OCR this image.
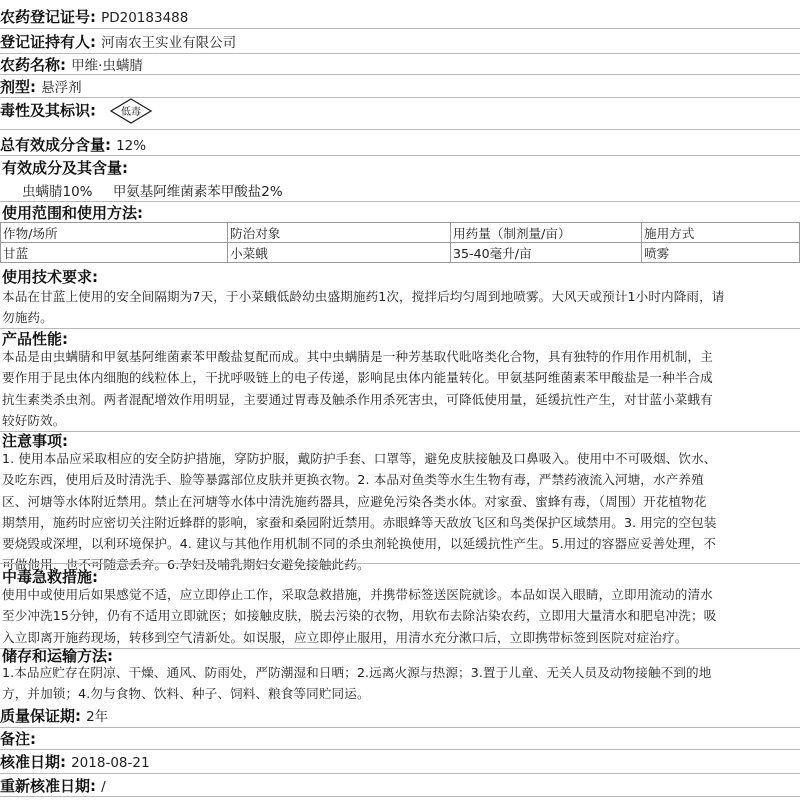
农药登记证号: PD20183488
登记证持有人: 河南农王实业有限公司
农药名称: 甲维·虫螨腈
剂型: 悬浮剂
毒性及其标识:	低毒
总有效成分含量: 12%
有效成分及其含量:
虫螨腈10% 甲氨基阿维菌素苯甲酸盐2%
使用范围和使用方法:
作物/场所	防治对象	用药量（制剂量/亩）	施用方式
甘蓝	小菜蛾	35-40毫升/亩	喷雾
使用技术要求:
本品在甘蓝上使用的安全间隔期为7天，于小菜蛾低龄幼虫盛期施药1次，搅拌后均匀周到地喷雾。大风天或预计1小时内降雨，请
勿施药。
产品性能:
本品是由虫螨腈和甲氨基阿维菌素苯甲酸盐复配而成。其中虫螨腈是一种芳基取代吡咯类化合物，具有独特的作用作用机制，主
要作用于昆虫体内细胞的线粒体上，干扰呼吸链上的电子传递，影响昆虫体内能量转化。甲氨基阿维菌素苯甲酸盐是一种半合成
抗生素类杀虫剂。两者混配增效作用明显，主要通过胃毒及触杀作用杀死害虫，可降低使用量，延缓抗性产生，对甘蓝小菜蛾有
较好防效。
注意事项:
1. 使用本品应采取相应的安全防护措施，穿防护服，戴防护手套、口罩等，避免皮肤接触及口鼻吸入。使用中不可吸烟、饮水、
及吃东西，使用后及时清洗手、脸等暴露部位皮肤并更换衣物。2. 本品对鱼类等水生生物有毒，严禁药液流入河塘，水产养殖
区、河塘等水体附近禁用。禁止在河塘等水体中清洗施药器具，应避免污染各类水体。对家蚕、蜜蜂有毒，（周围）开花植物花
期禁用，施药时应密切关注附近蜂群的影响，家蚕和桑园附近禁用。赤眼蜂等天敌放飞区和鸟类保护区域禁用。3. 用完的空包装
要烧毁或深埋，以利环境保护。4. 建议与其他作用机制不同的杀虫剂轮换使用，以延缓抗性产生。5.用过的容器应妥善处理，不
可做他用，也不可随意丢弃。6.孕妇及哺乳期妇女避免接触此药。
中毒急救措施:
使用中或使用后如果感觉不适，应立即停止工作，采取急救措施，并携带标签送医院就诊。本品如误入眼睛，立即用流动的清水
至少冲洗15分钟，仍有不适用立即就医；如接触皮肤，脱去污染的衣物，用软布去除沾染农药，立即用大量清水和肥皂冲洗；吸
入立即离开施药现场，转移到空气清新处。如误服，应立即停止服用，用清水充分漱口后，立即携带标签到医院对症治疗。
储存和运输方法:
1.本品应贮存在阴凉、干燥、通风、防雨处，严防潮湿和日晒；2.远离火源与热源；3.置于儿童、无关人员及动物接触不到的地
方，并加锁；4.勿与食物、饮料、种子、饲料、粮食等同贮同运。
质量保证期: 2年
备注:
核准日期: 2018-08-21
重新核准日期: /
